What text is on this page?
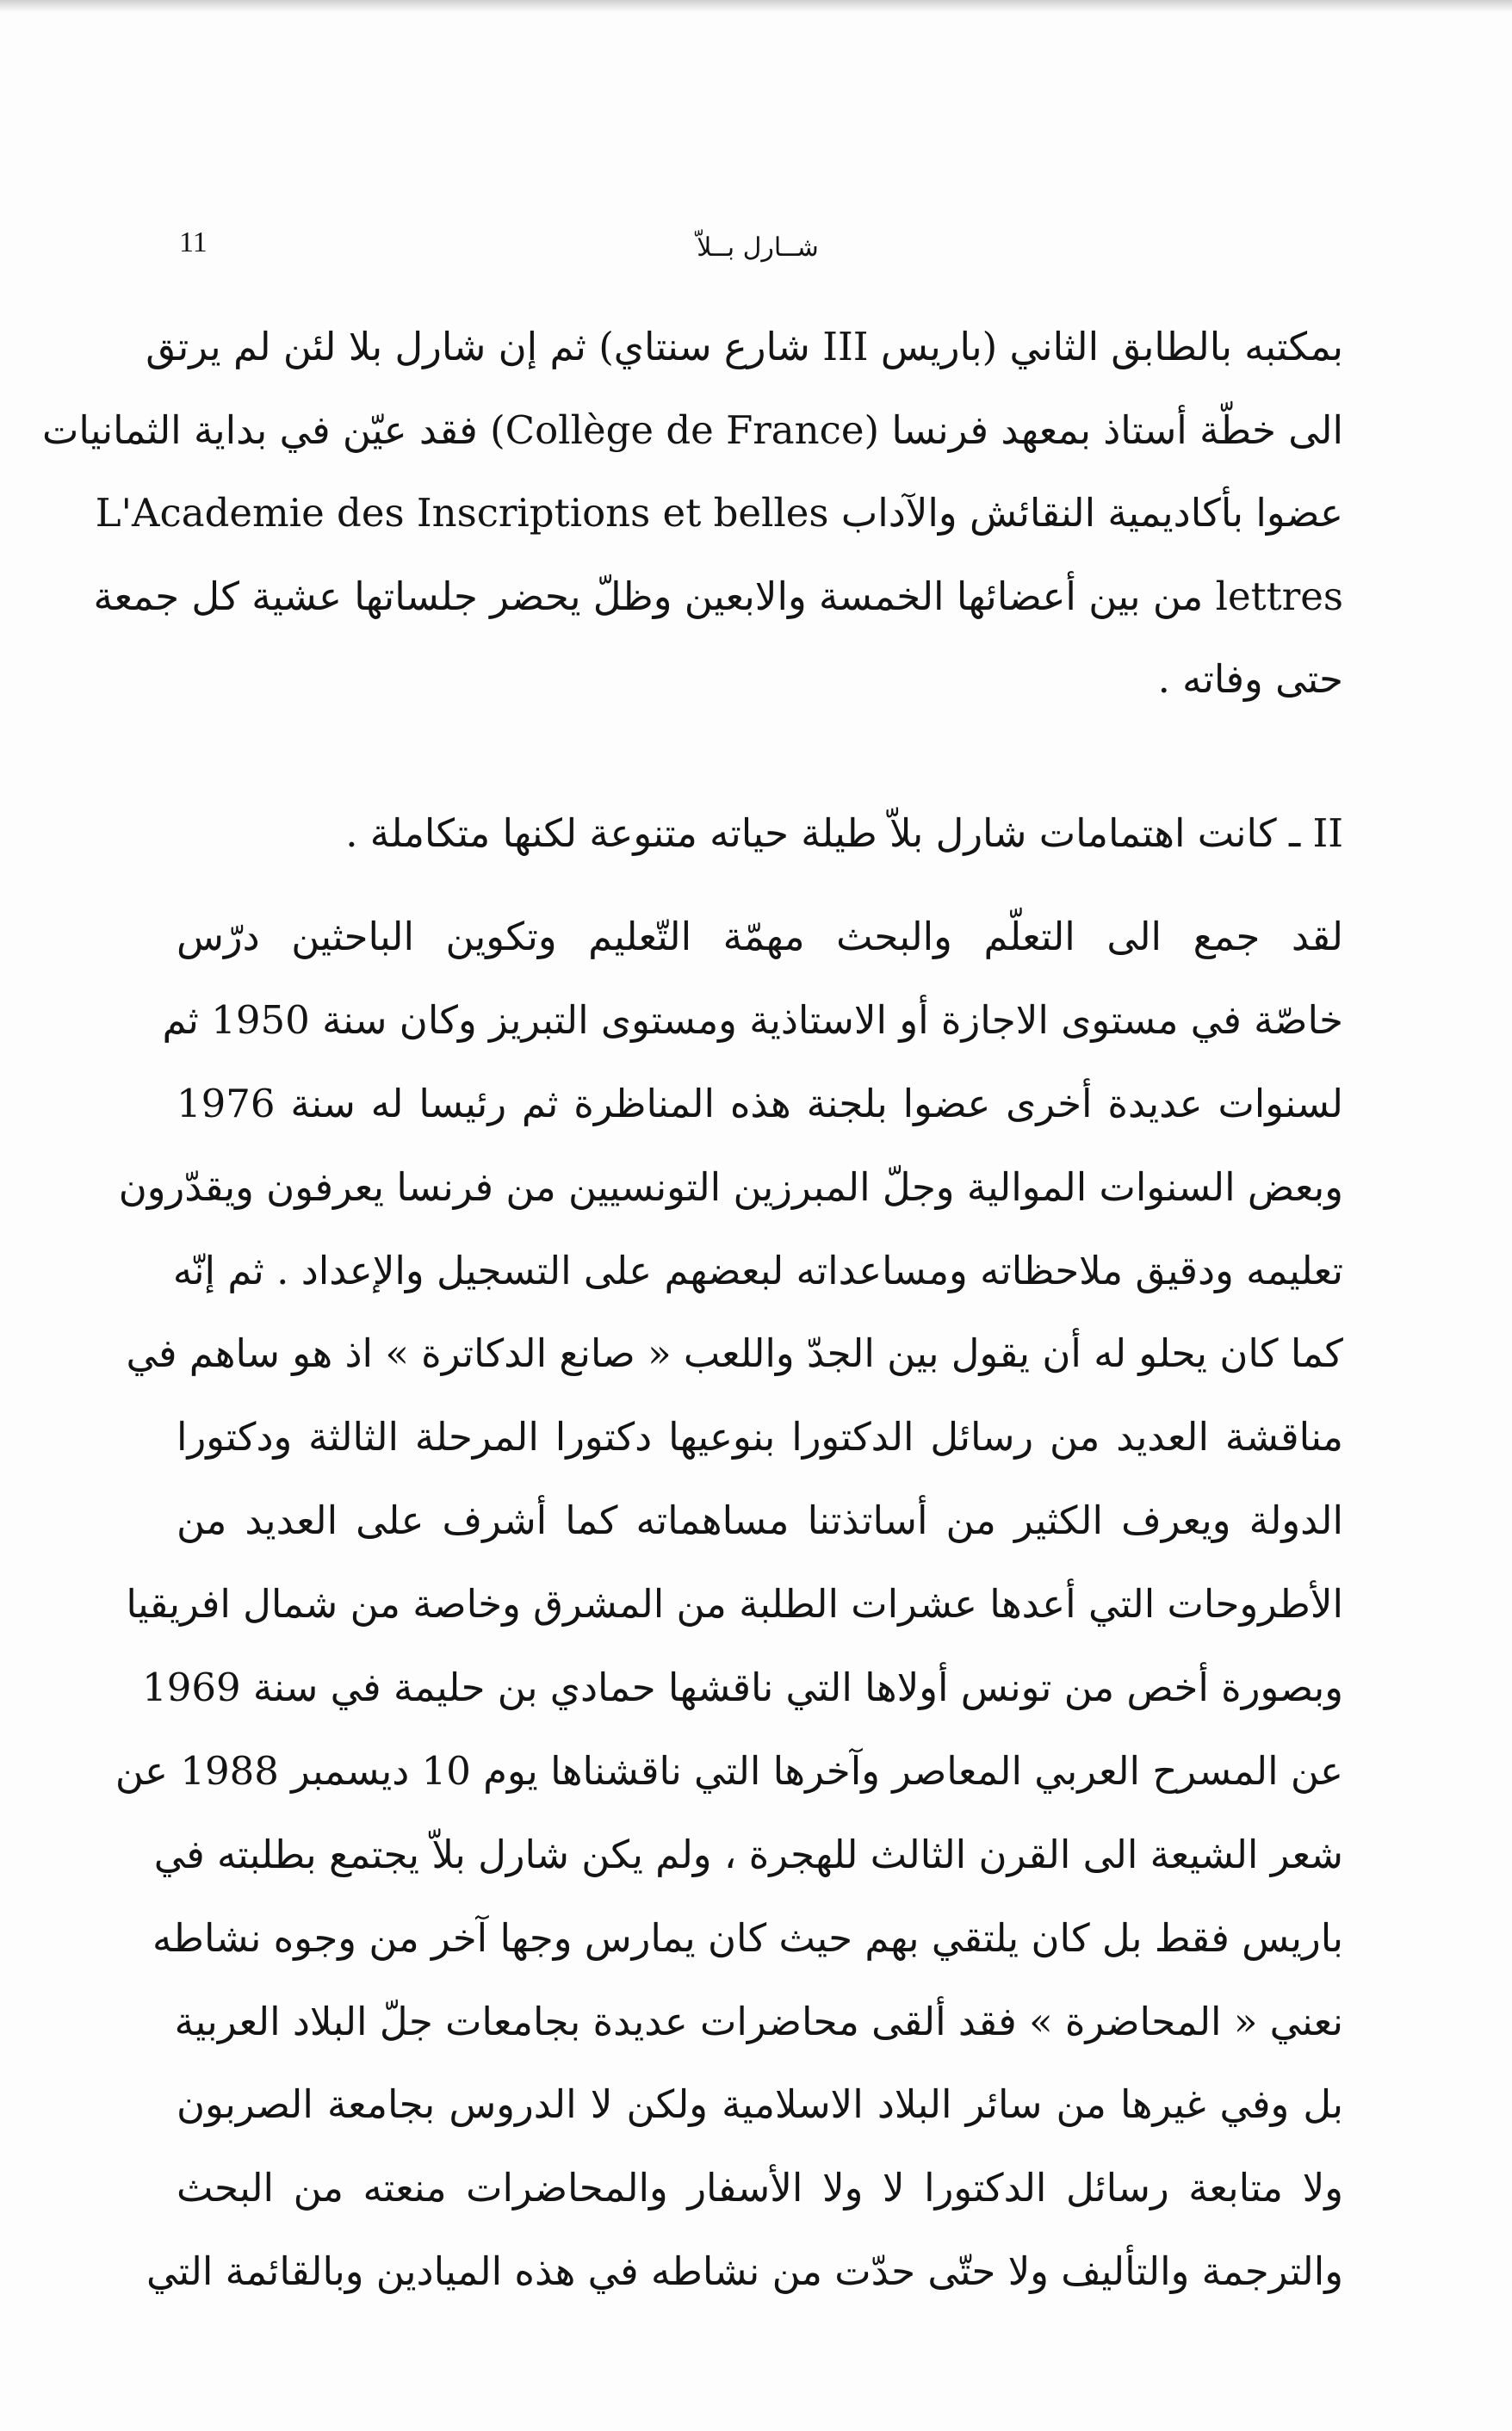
11	شــارل بــلاّ
بمكتبه بالطابق الثاني (باريس III شارع سنتاي) ثم إن شارل بلا لئن لم يرتق
الى خطّة أستاذ بمعهد فرنسا (Collège de France) فقد عيّن في بداية الثمانيات
عضوا بأكاديمية النقائش والآداب L'Academie des Inscriptions et belles
lettres من بين أعضائها الخمسة والابعين وظلّ يحضر جلساتها عشية كل جمعة
حتى وفاته .
II ـ كانت اهتمامات شارل بلاّ طيلة حياته متنوعة لكنها متكاملة .
لقد جمع الى التعلّم والبحث مهمّة التّعليم وتكوين الباحثين درّس
خاصّة في مستوى الاجازة أو الاستاذية ومستوى التبريز وكان سنة 1950 ثم
لسنوات عديدة أخرى عضوا بلجنة هذه المناظرة ثم رئيسا له سنة 1976
وبعض السنوات الموالية وجلّ المبرزين التونسيين من فرنسا يعرفون ويقدّرون
تعليمه ودقيق ملاحظاته ومساعداته لبعضهم على التسجيل والإعداد . ثم إنّه
كما كان يحلو له أن يقول بين الجدّ واللعب « صانع الدكاترة » اذ هو ساهم في
مناقشة العديد من رسائل الدكتورا بنوعيها دكتورا المرحلة الثالثة ودكتورا
الدولة ويعرف الكثير من أساتذتنا مساهماته كما أشرف على العديد من
الأطروحات التي أعدها عشرات الطلبة من المشرق وخاصة من شمال افريقيا
وبصورة أخص من تونس أولاها التي ناقشها حمادي بن حليمة في سنة 1969
عن المسرح العربي المعاصر وآخرها التي ناقشناها يوم 10 ديسمبر 1988 عن
شعر الشيعة الى القرن الثالث للهجرة ، ولم يكن شارل بلاّ يجتمع بطلبته في
باريس فقط بل كان يلتقي بهم حيث كان يمارس وجها آخر من وجوه نشاطه
نعني « المحاضرة » فقد ألقى محاضرات عديدة بجامعات جلّ البلاد العربية
بل وفي غيرها من سائر البلاد الاسلامية ولكن لا الدروس بجامعة الصربون
ولا متابعة رسائل الدكتورا لا ولا الأسفار والمحاضرات منعته من البحث
والترجمة والتأليف ولا حتّى حدّت من نشاطه في هذه الميادين وبالقائمة التي
